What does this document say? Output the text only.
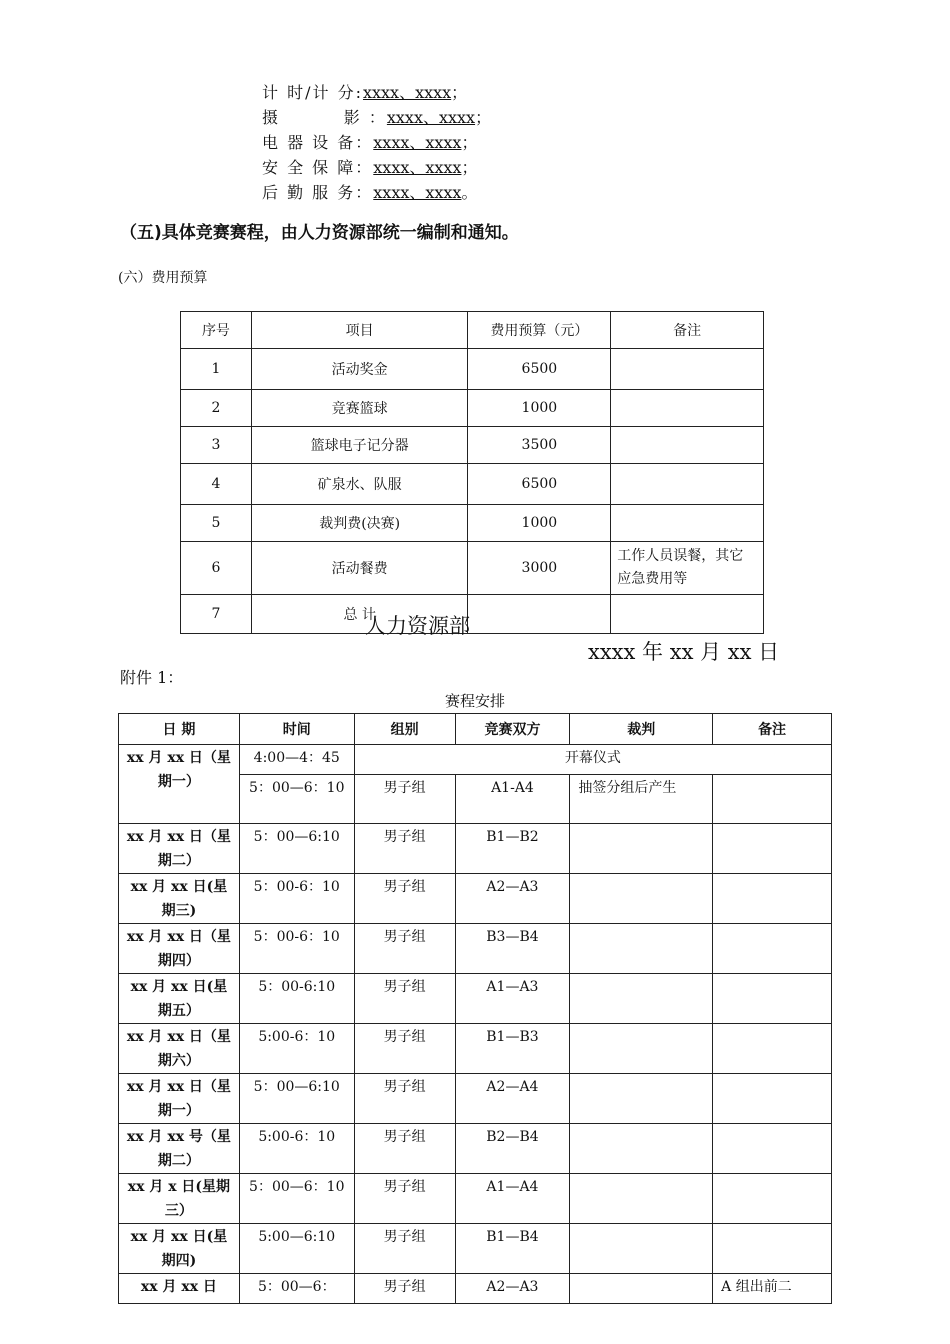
计 时/计 分:xxxx、xxxx；
摄         影 ：xxxx、xxxx；
电 器 设 备：xxxx、xxxx；
安 全 保 障：xxxx、xxxx；
后 勤 服 务：xxxx、xxxx。
（五)具体竞赛赛程，由人力资源部统一编制和通知。
(六）费用预算
序号	项目	费用预算（元）	备注
1	活动奖金	6500	
2	竞赛篮球	1000	
3	篮球电子记分器	3500	
4	矿泉水、队服	6500	
5	裁判费(决赛)	1000	
6	活动餐费	3000	工作人员误餐，其它应急费用等
7	总 计		
人力资源部
xxxx 年 xx 月 xx 日
附件 1：
赛程安排
日 期	时间	组别	竞赛双方	裁判	备注
xx 月 xx 日（星期一）	4:00—4：45	开幕仪式			
	5：00—6：10	男子组	A1-A4	抽签分组后产生	
xx 月 xx 日（星期二）	5：00—6:10	男子组	B1—B2		
xx 月 xx 日(星期三)	5：00-6：10	男子组	A2—A3		
xx 月 xx 日（星期四）	5：00-6：10	男子组	B3—B4		
xx 月 xx 日(星期五）	5：00-6:10	男子组	A1—A3		
xx 月 xx 日（星期六）	5:00-6：10	男子组	B1—B3		
xx 月 xx 日（星期一）	5：00—6:10	男子组	A2—A4		
xx 月 xx 号（星期二）	5:00-6：10	男子组	B2—B4		
xx 月 x 日(星期三）	5：00—6：10	男子组	A1—A4		
xx 月 xx 日(星期四)	5:00—6:10	男子组	B1—B4		
xx 月 xx 日	5：00—6：	男子组	A2—A3		A 组出前二
